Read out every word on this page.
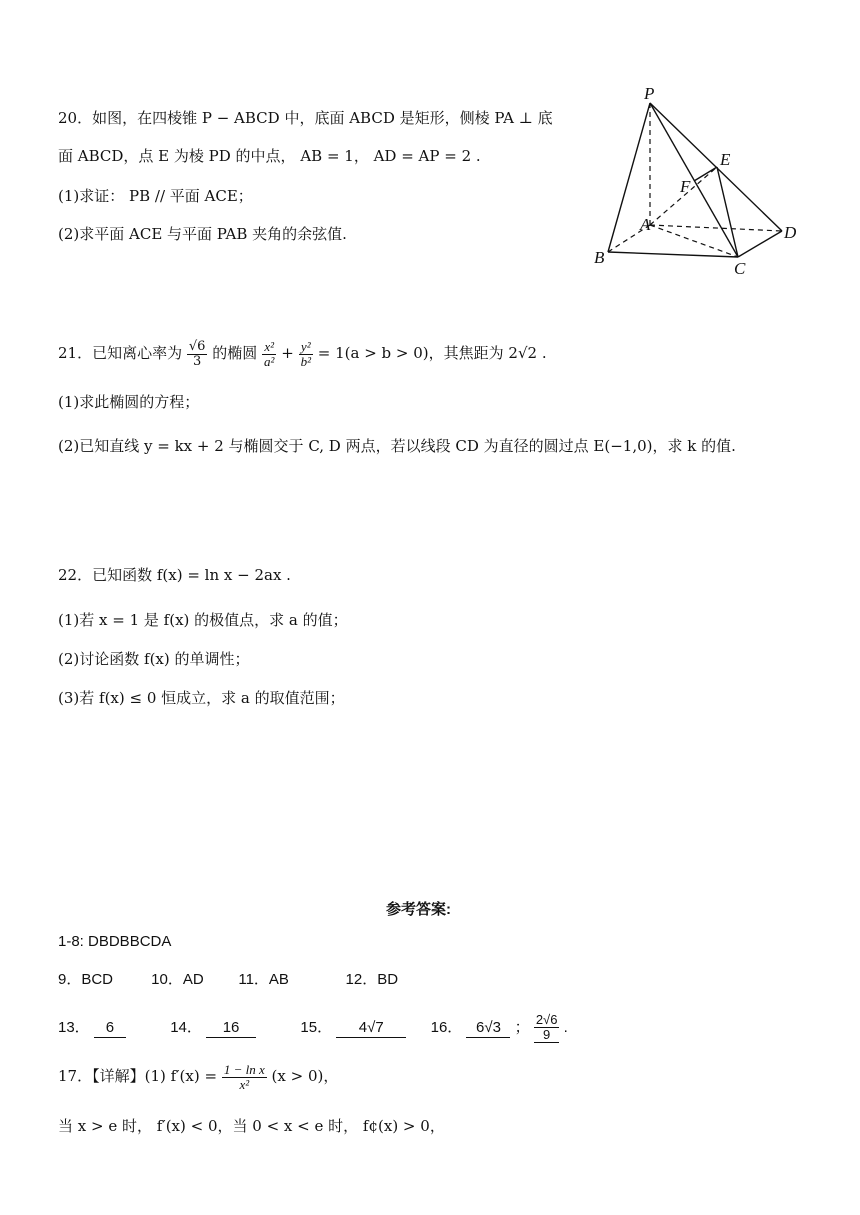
20．如图，在四棱锥 P − ABCD 中，底面 ABCD 是矩形，侧棱 PA ⊥ 底
面 ABCD，点 E 为棱 PD 的中点， AB = 1， AD = AP = 2 .
(1)求证： PB // 平面 ACE；
(2)求平面 ACE 与平面 PAB 夹角的余弦值.
P
E
F
A	D
B
C
21．已知离心率为 $\frac{√6}{3}$ 的椭圆 $\frac{\text{x²}}{\text{a²}} + \frac{\text{y²}}{\text{b²}} = 1(a > b > 0)$，其焦距为 2√2 .
(1)求此椭圆的方程；
(2)已知直线 y = kx + 2 与椭圆交于 C, D 两点，若以线段 CD 为直径的圆过点 E(−1,0)，求 k 的值.
22．已知函数 f(x) = ln x − 2ax .
(1)若 x = 1 是 f(x) 的极值点，求 a 的值；
(2)讨论函数 f(x) 的单调性；
(3)若 f(x) ≤ 0 恒成立，求 a 的取值范围；
参考答案:
1-8: DBDBBCDA
9．BCD	10．AD 11．AB	12．BD
13． 6	14． 16	15． 4√7	16． 6√3 ； $\frac{2√6}{9}$ .
17．【详解】(1) $f'(x) = \frac{\text{1 − ln x}}{\text{x²}} (x > 0)$，
当 x > e 时， f′(x) < 0，当 0 < x < e 时， f¢(x) > 0，
